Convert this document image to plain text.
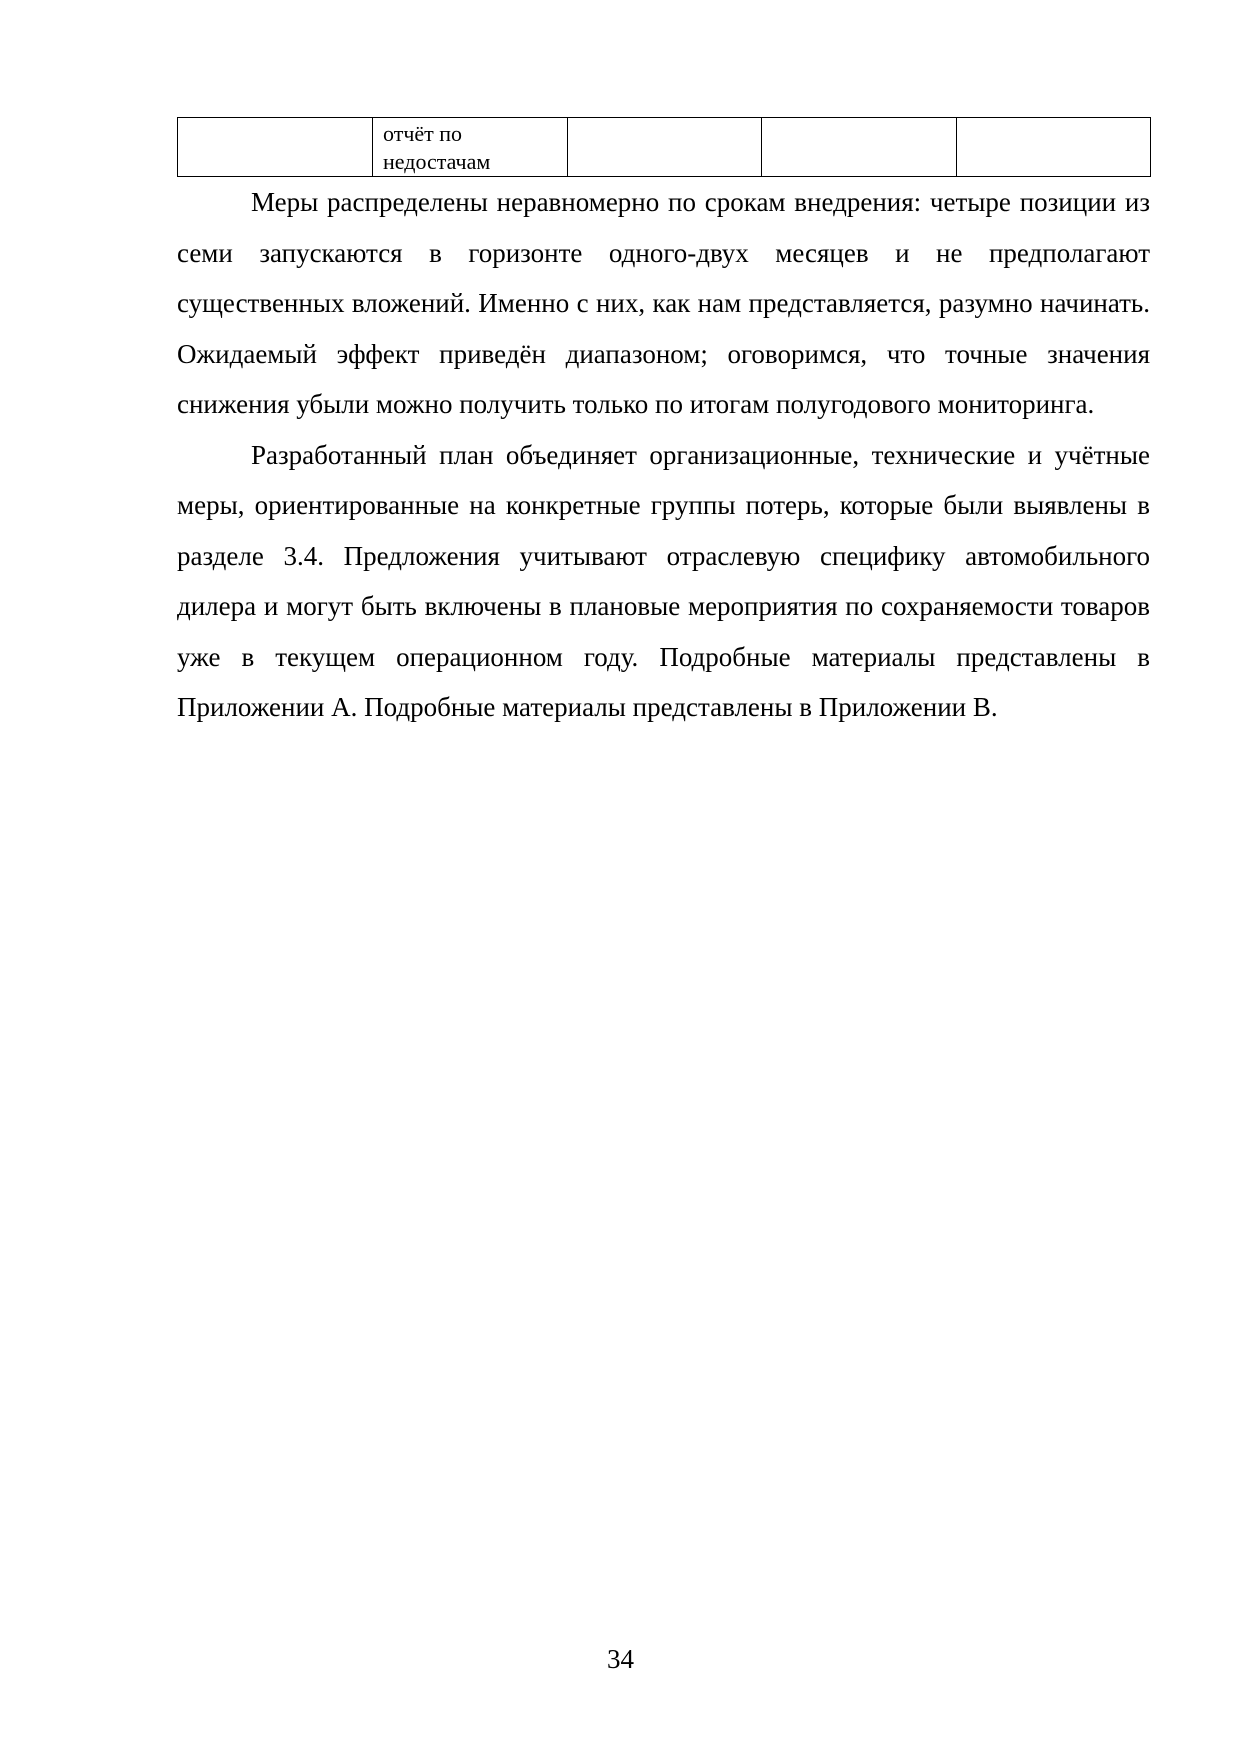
	отчёт по недостачам			

Меры распределены неравномерно по срокам внедрения: четыре позиции из семи запускаются в горизонте одного-двух месяцев и не предполагают существенных вложений. Именно с них, как нам представляется, разумно начинать. Ожидаемый эффект приведён диапазоном; оговоримся, что точные значения снижения убыли можно получить только по итогам полугодового мониторинга.

Разработанный план объединяет организационные, технические и учётные меры, ориентированные на конкретные группы потерь, которые были выявлены в разделе 3.4. Предложения учитывают отраслевую специфику автомобильного дилера и могут быть включены в плановые мероприятия по сохраняемости товаров уже в текущем операционном году. Подробные материалы представлены в Приложении А. Подробные материалы представлены в Приложении В.

34
